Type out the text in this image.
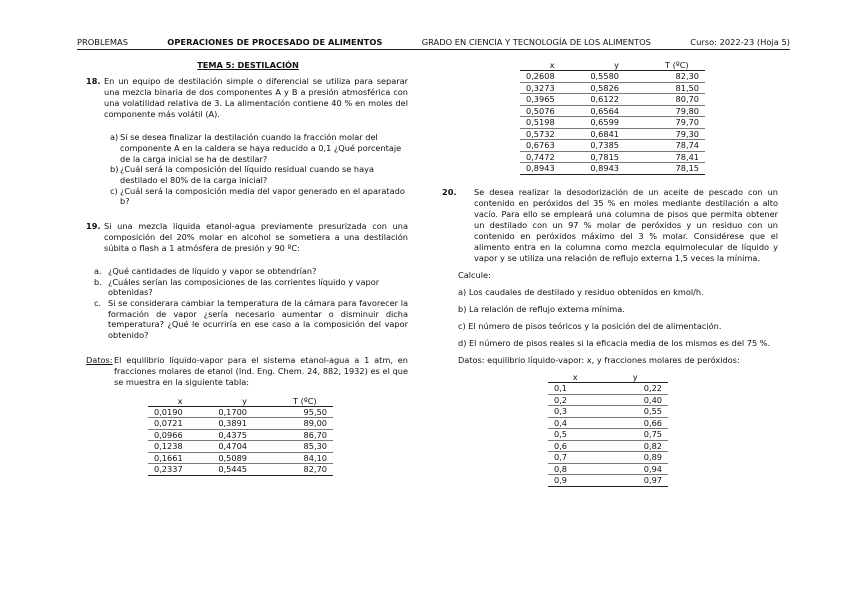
PROBLEMAS	OPERACIONES DE PROCESADO DE ALIMENTOS	GRADO EN CIENCIA Y TECNOLOGÍA DE LOS ALIMENTOS	Curso: 2022-23 (Hoja 5)
TEMA 5: DESTILACIÓN
18. En un equipo de destilación simple o diferencial se utiliza para separar una mezcla binaria de dos componentes A y B a presión atmosférica con una volatilidad relativa de 3. La alimentación contiene 40 % en moles del componente más volátil (A).
a) Si se desea finalizar la destilación cuando la fracción molar del componente A en la caldera se haya reducido a 0,1 ¿Qué porcentaje de la carga inicial se ha de destilar?
b) ¿Cuál será la composición del líquido residual cuando se haya destilado el 80% de la carga inicial?
c) ¿Cuál será la composición media del vapor generado en el aparatado b?
19. Si una mezcla liquida etanol-agua previamente presurizada con una composición del 20% molar en alcohol se sometiera a una destilación súbita o flash a 1 atmósfera de presión y 90 ºC:
a. ¿Qué cantidades de líquido y vapor se obtendrían?
b. ¿Cuáles serían las composiciones de las corrientes líquido y vapor obtenidas?
c. Si se considerara cambiar la temperatura de la cámara para favorecer la formación de vapor ¿sería necesario aumentar o disminuir dicha temperatura? ¿Qué le ocurriría en ese caso a la composición del vapor obtenido?
Datos: El equilibrio líquido-vapor para el sistema etanol-agua a 1 atm, en fracciones molares de etanol (Ind. Eng. Chem. 24, 882, 1932) es el que se muestra en la siguiente tabla:
x	y	T (ºC)
0,0190	0,1700	95,50
0,0721	0,3891	89,00
0,0966	0,4375	86,70
0,1238	0,4704	85,30
0,1661	0,5089	84,10
0,2337	0,5445	82,70
x	y	T (ºC)
0,2608	0,5580	82,30
0,3273	0,5826	81,50
0,3965	0,6122	80,70
0,5076	0,6564	79,80
0,5198	0,6599	79,70
0,5732	0,6841	79,30
0,6763	0,7385	78,74
0,7472	0,7815	78,41
0,8943	0,8943	78,15
20. Se desea realizar la desodorización de un aceite de pescado con un contenido en peróxidos del 35 % en moles mediante destilación a alto vacío. Para ello se empleará una columna de pisos que permita obtener un destilado con un 97 % molar de peróxidos y un residuo con un contenido en peróxidos máximo del 3 % molar. Considérese que el alimento entra en la columna como mezcla equimolecular de líquido y vapor y se utiliza una relación de reflujo externa 1,5 veces la mínima.
Calcule:
a) Los caudales de destilado y residuo obtenidos en kmol/h.
b) La relación de reflujo externa mínima.
c) El número de pisos teóricos y la posición del de alimentación.
d) El número de pisos reales si la eficacia media de los mismos es del 75 %.
Datos: equilibrio líquido-vapor: x, y fracciones molares de peróxidos:
x	y
0,1	0,22
0,2	0,40
0,3	0,55
0,4	0,66
0,5	0,75
0,6	0,82
0,7	0,89
0,8	0,94
0,9	0,97
